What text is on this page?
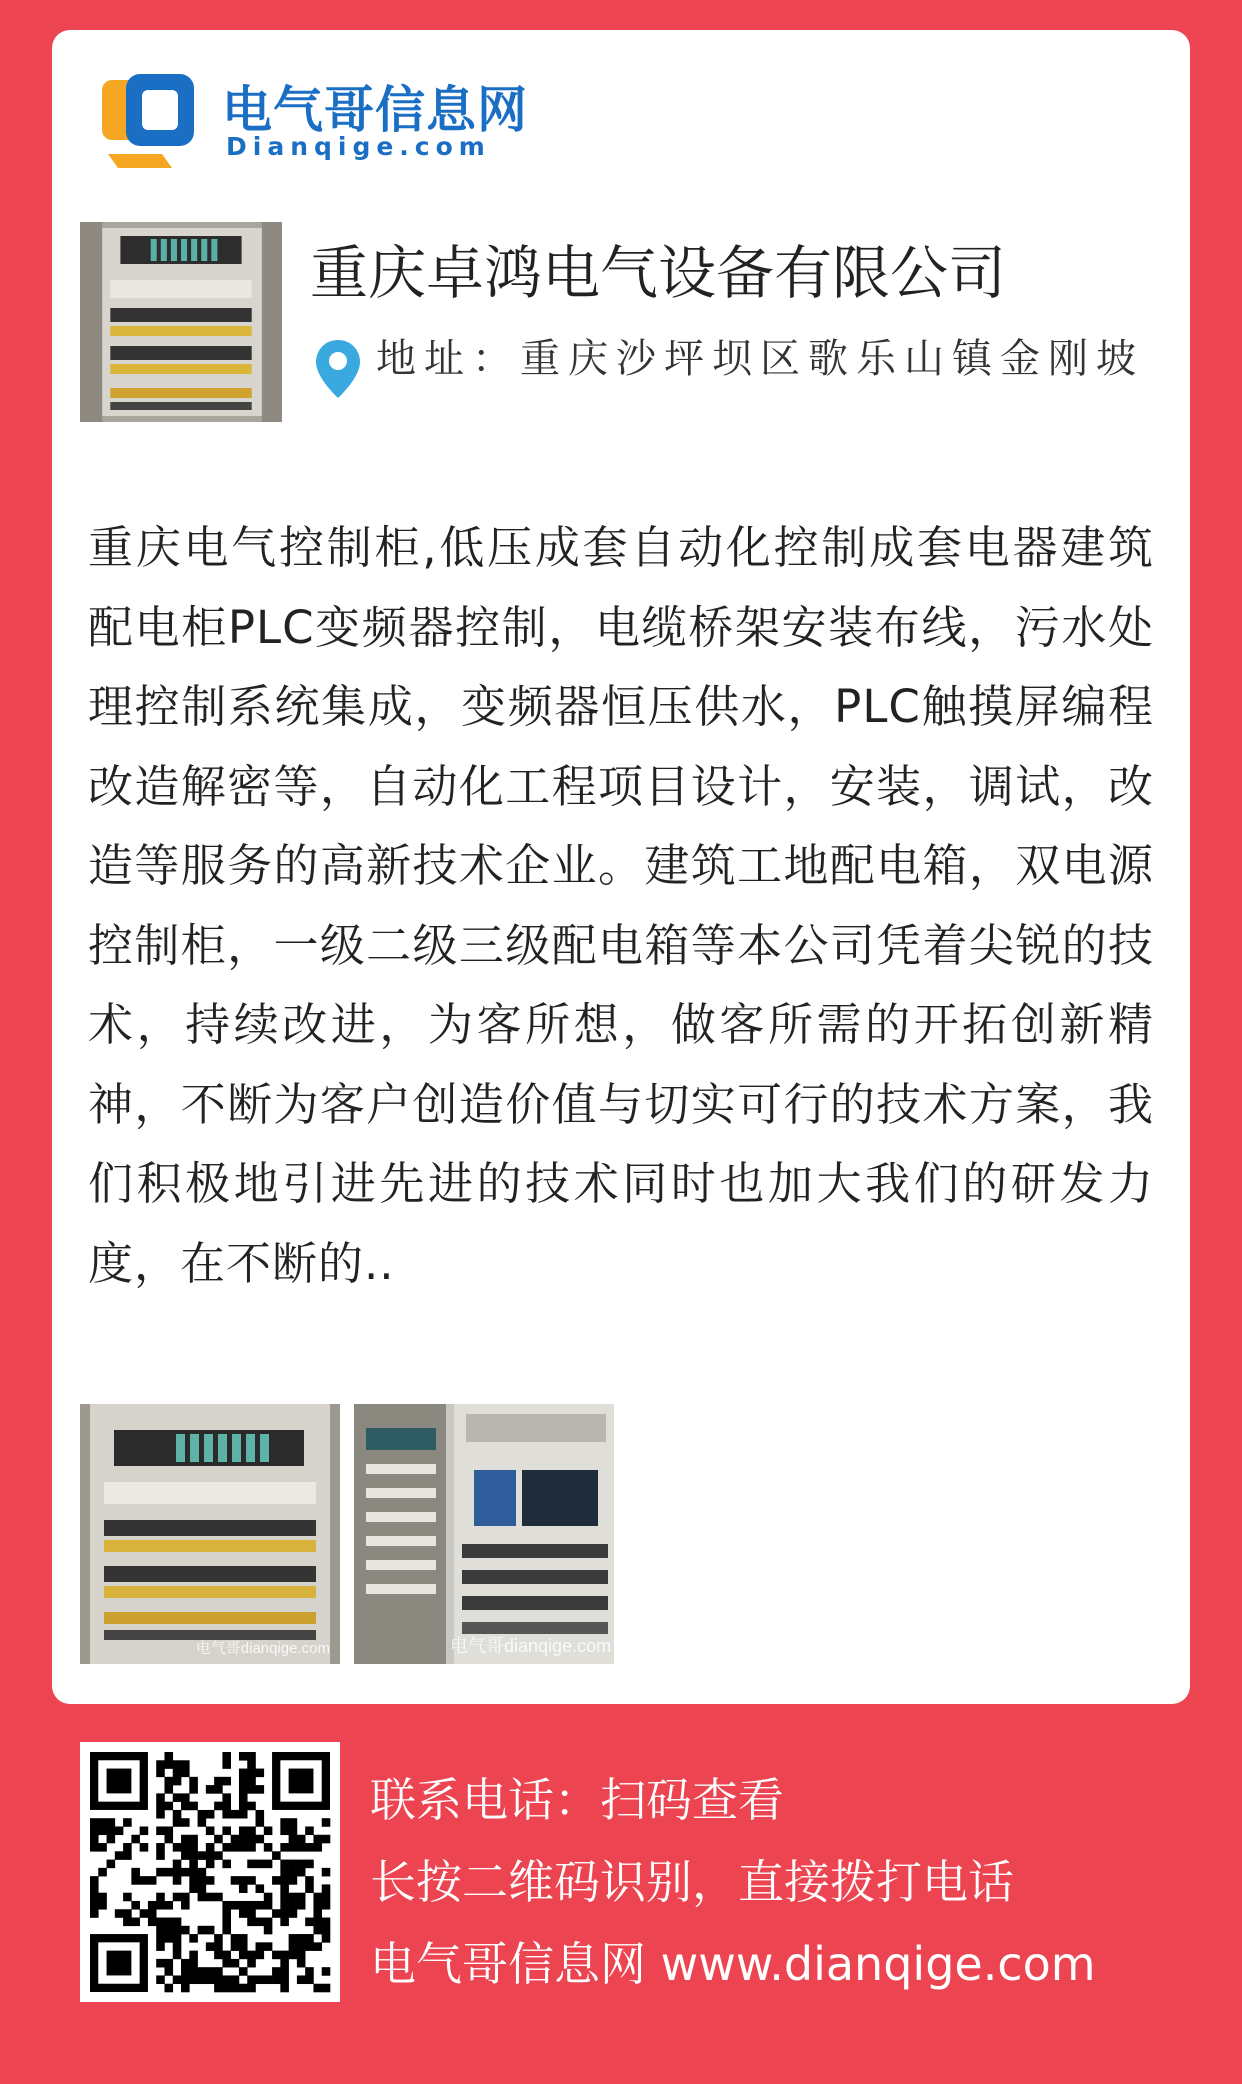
电气哥信息网
Dianqige.com
重庆卓鸿电气设备有限公司
地址：重庆沙坪坝区歌乐山镇金刚坡
重庆电气控制柜,低压成套自动化控制成套电器建筑配电柜PLC变频器控制，电缆桥架安装布线，污水处理控制系统集成，变频器恒压供水，PLC触摸屏编程改造解密等，自动化工程项目设计，安装，调试，改造等服务的高新技术企业。建筑工地配电箱，双电源控制柜，一级二级三级配电箱等本公司凭着尖锐的技术，持续改进，为客所想，做客所需的开拓创新精神，不断为客户创造价值与切实可行的技术方案，我们积极地引进先进的技术同时也加大我们的研发力度，在不断的..
电气哥dianqige.com	电气哥dianqige.com
联系电话：扫码查看
长按二维码识别，直接拨打电话
电气哥信息网 www.dianqige.com
